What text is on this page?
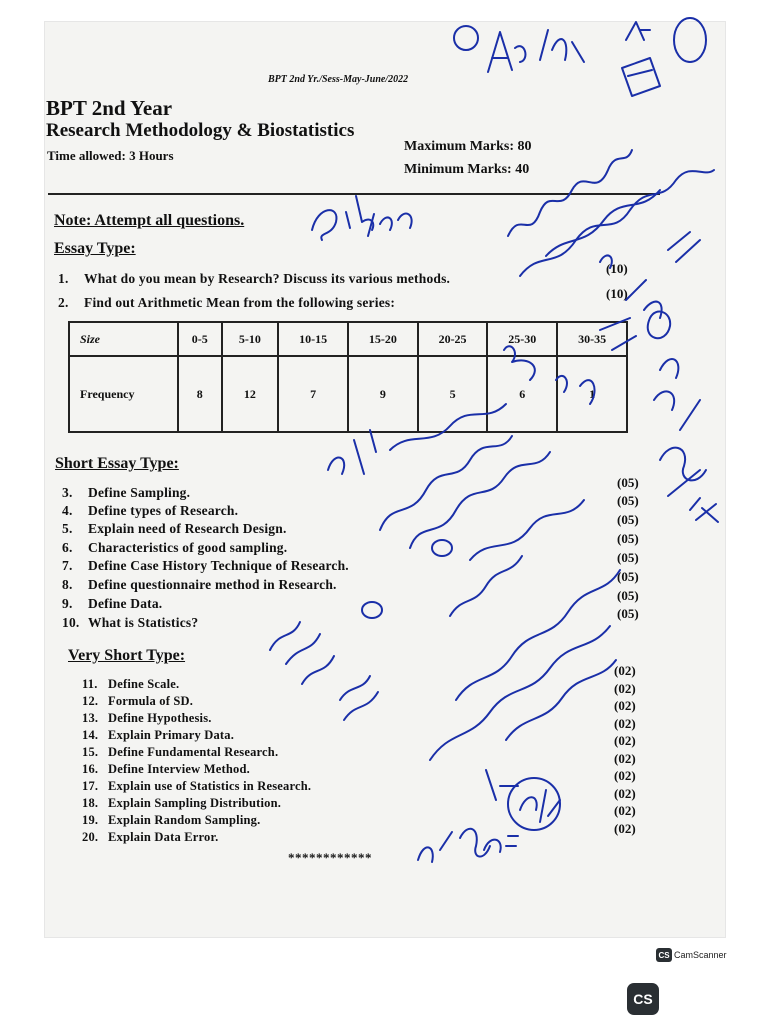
BPT 2nd Yr./Sess-May-June/2022
BPT 2nd Year
Research Methodology & Biostatistics
Time allowed: 3 Hours
Maximum Marks: 80
Minimum Marks: 40
Note: Attempt all questions.
Essay Type:
1. What do you mean by Research? Discuss its various methods.
(10)
2. Find out Arithmetic Mean from the following series:
(10)
Size	0-5	5-10	10-15	15-20	20-25	25-30	30-35
Frequency	8	12	7	9	5	6	1
Short Essay Type:
3. Define Sampling.
(05)
4. Define types of Research.
(05)
5. Explain need of Research Design.
(05)
6. Characteristics of good sampling.
(05)
7. Define Case History Technique of Research.
(05)
8. Define questionnaire method in Research.
(05)
9. Define Data.
(05)
10. What is Statistics?
(05)
Very Short Type:
11. Define Scale.
(02)
12. Formula of SD.
(02)
13. Define Hypothesis.
(02)
14. Explain Primary Data.
(02)
15. Define Fundamental Research.
(02)
16. Define Interview Method.
(02)
17. Explain use of Statistics in Research.
(02)
18. Explain Sampling Distribution.
(02)
19. Explain Random Sampling.
(02)
20. Explain Data Error.
(02)
************
CS CamScanner
CS
